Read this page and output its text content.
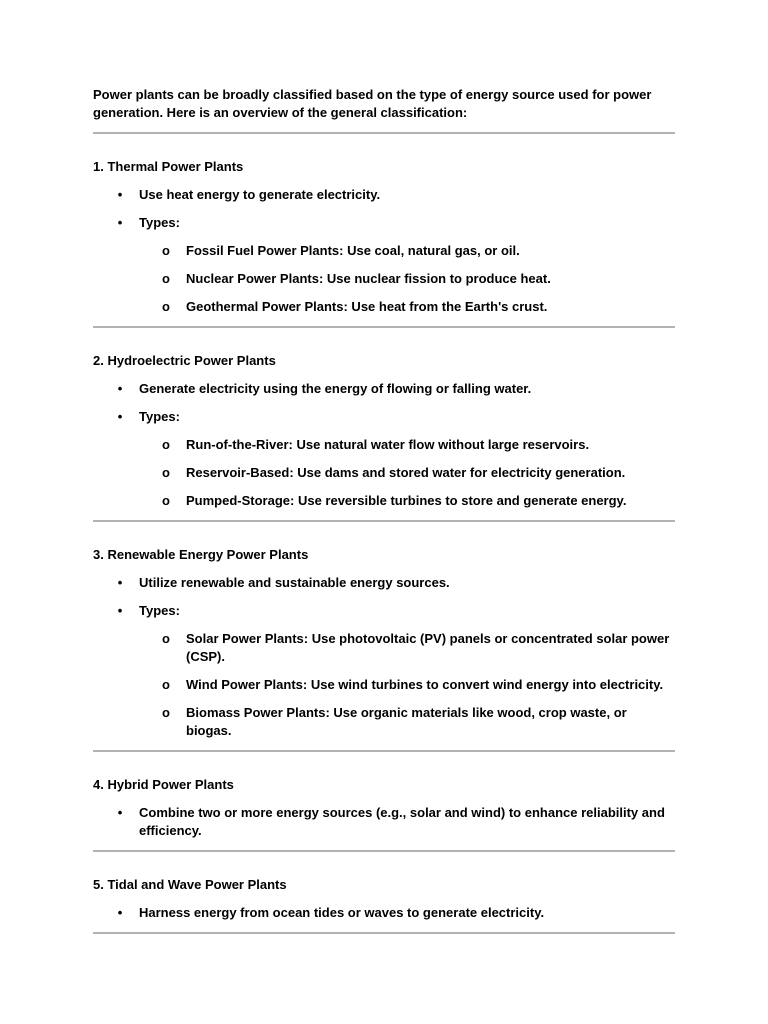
Power plants can be broadly classified based on the type of energy source used for power generation. Here is an overview of the general classification:

1. Thermal Power Plants

• Use heat energy to generate electricity.
• Types:
o Fossil Fuel Power Plants: Use coal, natural gas, or oil.
o Nuclear Power Plants: Use nuclear fission to produce heat.
o Geothermal Power Plants: Use heat from the Earth's crust.

2. Hydroelectric Power Plants

• Generate electricity using the energy of flowing or falling water.
• Types:
o Run-of-the-River: Use natural water flow without large reservoirs.
o Reservoir-Based: Use dams and stored water for electricity generation.
o Pumped-Storage: Use reversible turbines to store and generate energy.

3. Renewable Energy Power Plants

• Utilize renewable and sustainable energy sources.
• Types:
o Solar Power Plants: Use photovoltaic (PV) panels or concentrated solar power (CSP).
o Wind Power Plants: Use wind turbines to convert wind energy into electricity.
o Biomass Power Plants: Use organic materials like wood, crop waste, or biogas.

4. Hybrid Power Plants

• Combine two or more energy sources (e.g., solar and wind) to enhance reliability and efficiency.

5. Tidal and Wave Power Plants

• Harness energy from ocean tides or waves to generate electricity.
